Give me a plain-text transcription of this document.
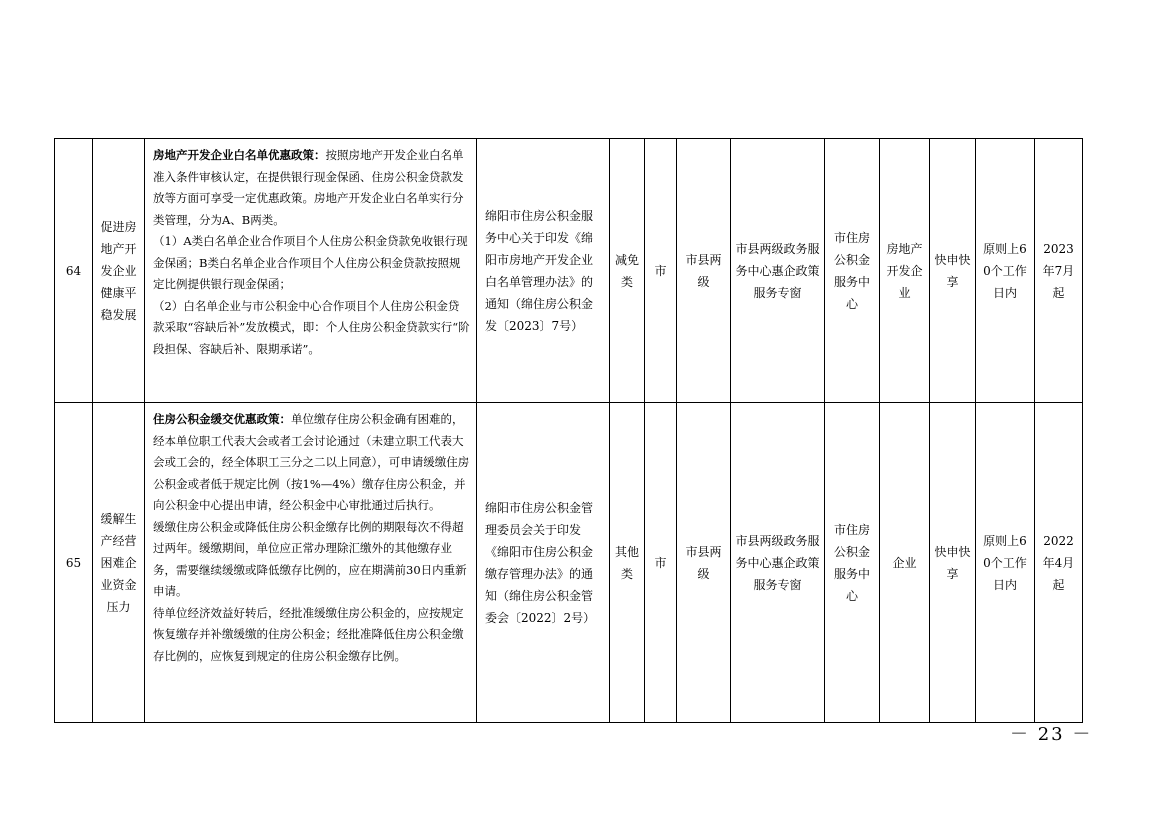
64	促进房地产开发企业健康平稳发展	房地产开发企业白名单优惠政策：按照房地产开发企业白名单准入条件审核认定，在提供银行现金保函、住房公积金贷款发放等方面可享受一定优惠政策。房地产开发企业白名单实行分类管理，分为A、B两类。

（1）A类白名单企业合作项目个人住房公积金贷款免收银行现金保函；B类白名单企业合作项目个人住房公积金贷款按照规定比例提供银行现金保函；

（2）白名单企业与市公积金中心合作项目个人住房公积金贷款采取“容缺后补”发放模式，即：个人住房公积金贷款实行“阶段担保、容缺后补、限期承诺”。	绵阳市住房公积金服务中心关于印发《绵阳市房地产开发企业白名单管理办法》的通知（绵住房公积金发〔2023〕7号）	减免类	市	市县两级	市县两级政务服务中心惠企政策服务专窗	市住房公积金服务中心	房地产开发企业	快申快享	原则上60个工作日内	2023年7月起
65	缓解生产经营困难企业资金压力	住房公积金缓交优惠政策：单位缴存住房公积金确有困难的，经本单位职工代表大会或者工会讨论通过（未建立职工代表大会或工会的，经全体职工三分之二以上同意），可申请缓缴住房公积金或者低于规定比例（按1%—4%）缴存住房公积金，并向公积金中心提出申请，经公积金中心审批通过后执行。

缓缴住房公积金或降低住房公积金缴存比例的期限每次不得超过两年。缓缴期间，单位应正常办理除汇缴外的其他缴存业务，需要继续缓缴或降低缴存比例的，应在期满前30日内重新申请。

待单位经济效益好转后，经批准缓缴住房公积金的，应按规定恢复缴存并补缴缓缴的住房公积金；经批准降低住房公积金缴存比例的，应恢复到规定的住房公积金缴存比例。	绵阳市住房公积金管理委员会关于印发《绵阳市住房公积金缴存管理办法》的通知（绵住房公积金管委会〔2022〕2号）	其他类	市	市县两级	市县两级政务服务中心惠企政策服务专窗	市住房公积金服务中心	企业	快申快享	原则上60个工作日内	2022年4月起
－ 23 －
